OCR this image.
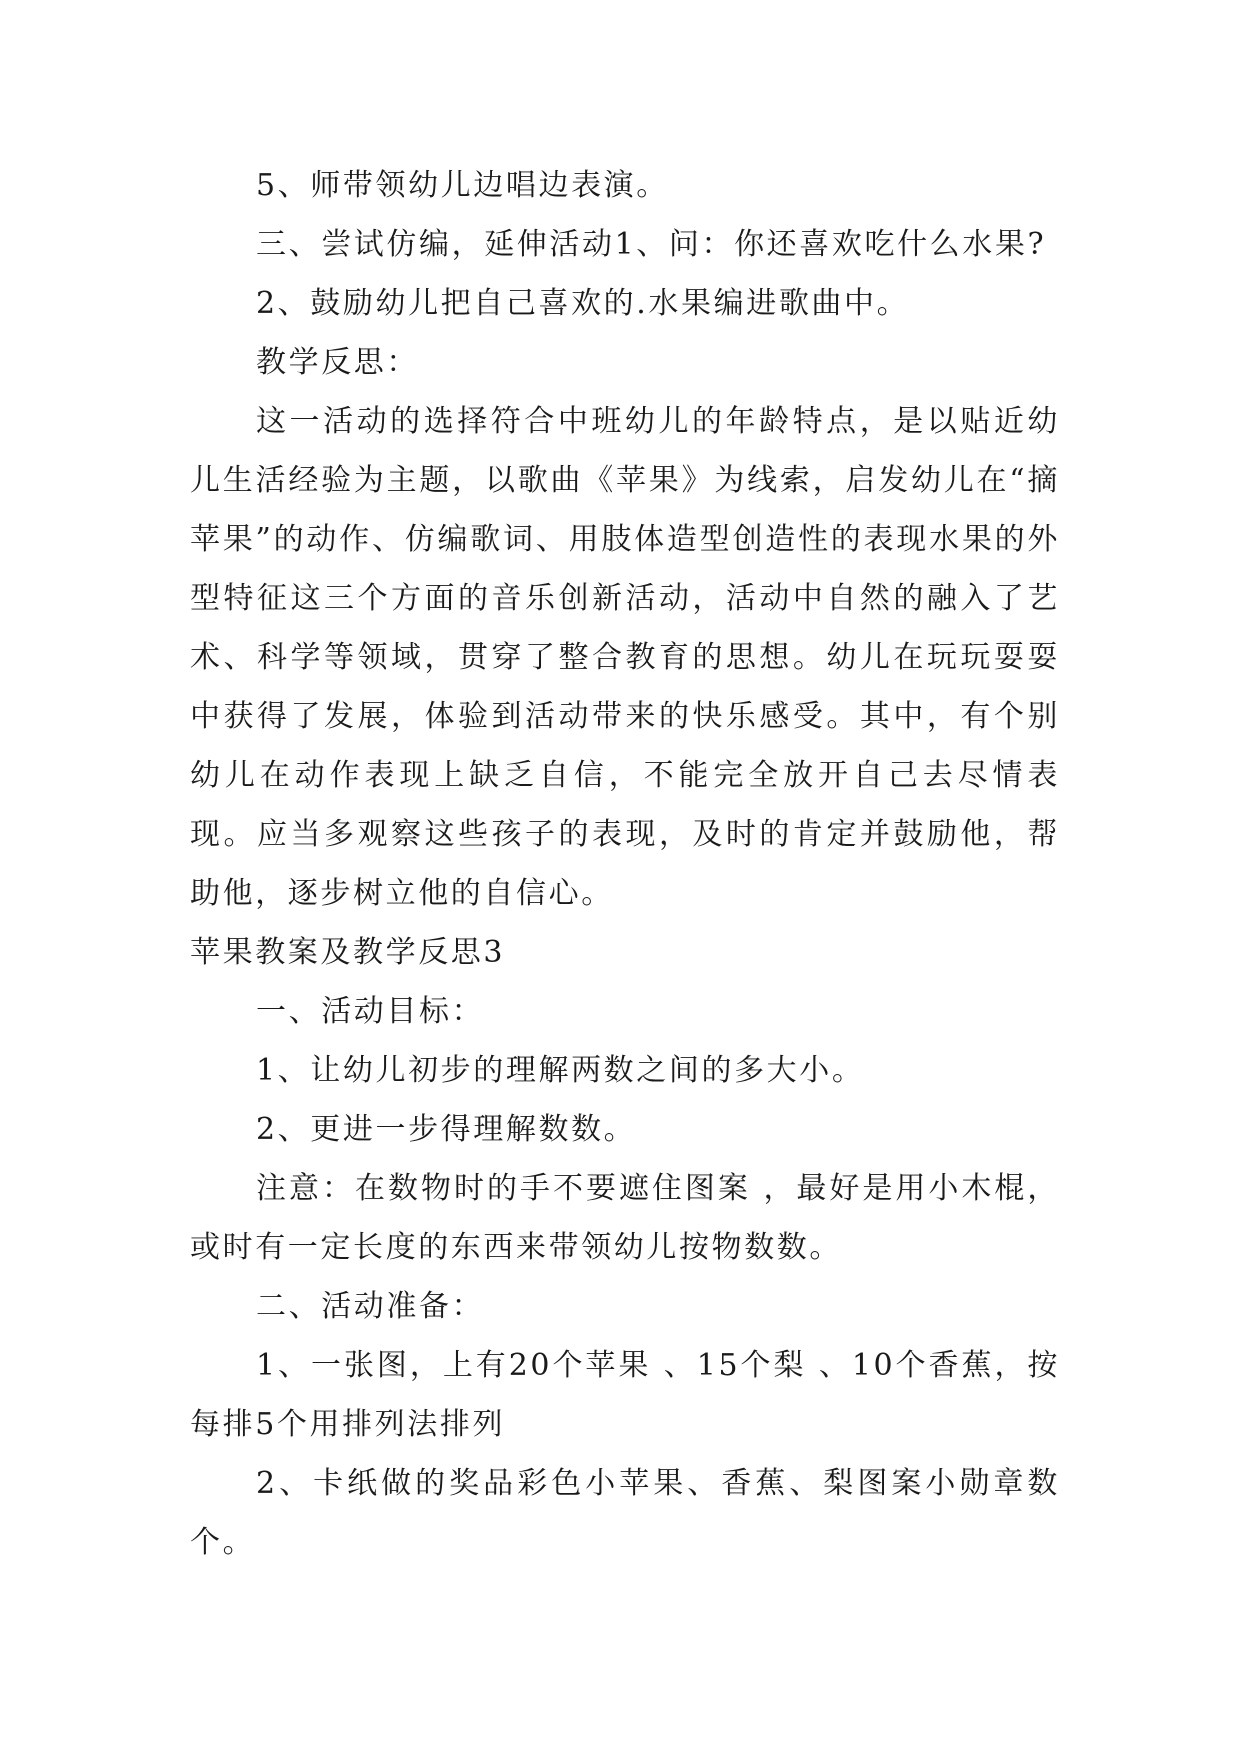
5、师带领幼儿边唱边表演。

三、尝试仿编，延伸活动1、问：你还喜欢吃什么水果?

2、鼓励幼儿把自己喜欢的.水果编进歌曲中。

教学反思：

这一活动的选择符合中班幼儿的年龄特点，是以贴近幼儿生活经验为主题，以歌曲《苹果》为线索，启发幼儿在“摘苹果”的动作、仿编歌词、用肢体造型创造性的表现水果的外型特征这三个方面的音乐创新活动，活动中自然的融入了艺术、科学等领域，贯穿了整合教育的思想。幼儿在玩玩耍耍中获得了发展，体验到活动带来的快乐感受。其中，有个别幼儿在动作表现上缺乏自信，不能完全放开自己去尽情表现。应当多观察这些孩子的表现，及时的肯定并鼓励他，帮助他，逐步树立他的自信心。

苹果教案及教学反思3

一、活动目标：

1、让幼儿初步的理解两数之间的多大小。

2、更进一步得理解数数。

注意：在数物时的手不要遮住图案 ，最好是用小木棍，或时有一定长度的东西来带领幼儿按物数数。

二、活动准备：

1、一张图，上有20个苹果 、15个梨 、10个香蕉，按每排5个用排列法排列

2、卡纸做的奖品彩色小苹果、香蕉、梨图案小勋章数个。
